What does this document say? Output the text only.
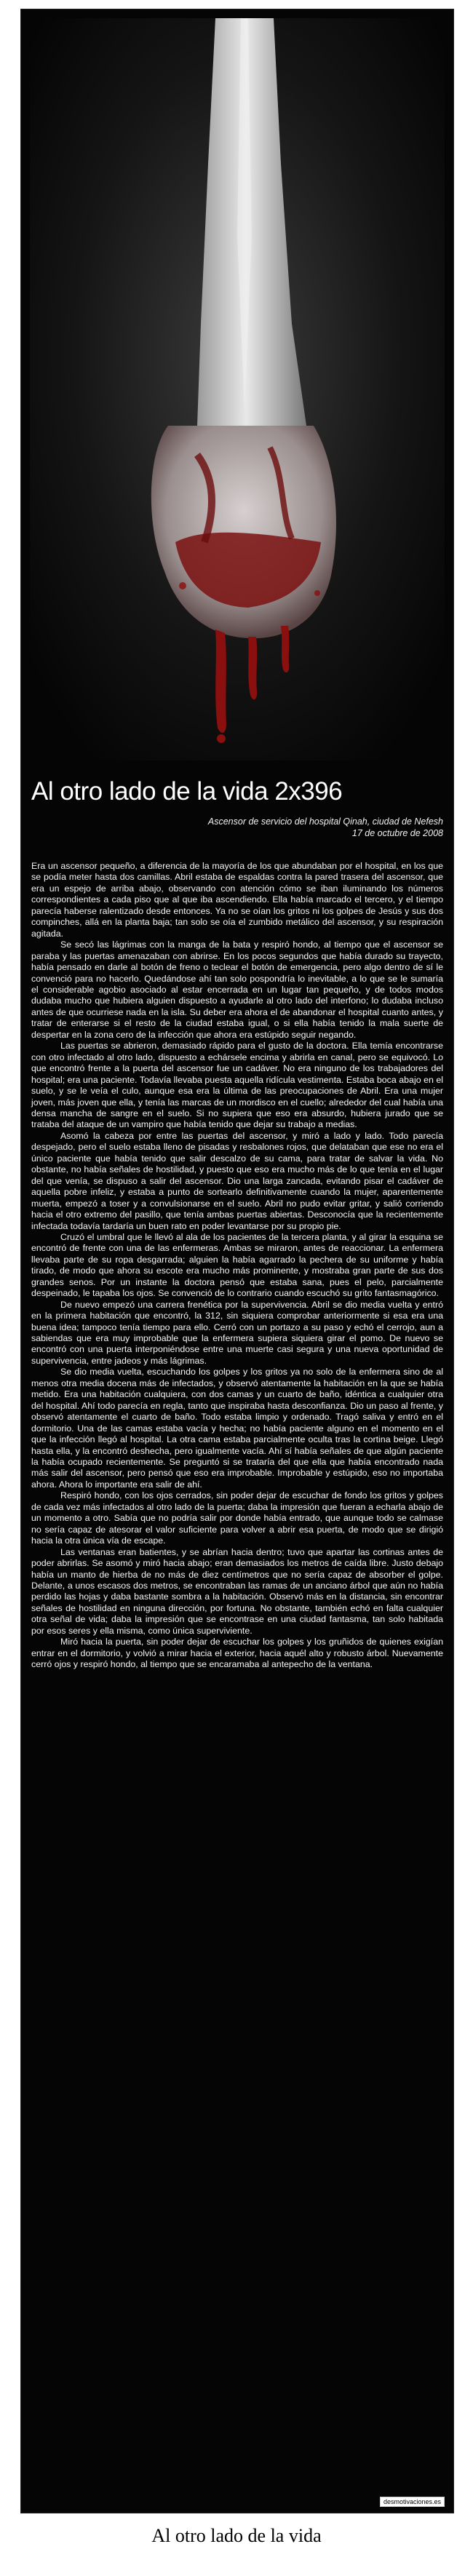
Al otro lado de la vida 2x396
Ascensor de servicio del hospital Qinah, ciudad de Nefesh
17 de octubre de 2008

Era un ascensor pequeño, a diferencia de la mayoría de los que abundaban por el hospital, en los que se podía meter hasta dos camillas. Abril estaba de espaldas contra la pared trasera del ascensor, que era un espejo de arriba abajo, observando con atención cómo se iban iluminando los números correspondientes a cada piso que al que iba ascendiendo. Ella había marcado el tercero, y el tiempo parecía haberse ralentizado desde entonces. Ya no se oían los gritos ni los golpes de Jesús y sus dos compinches, allá en la planta baja; tan solo se oía el zumbido metálico del ascensor, y su respiración agitada.

Se secó las lágrimas con la manga de la bata y respiró hondo, al tiempo que el ascensor se paraba y las puertas amenazaban con abrirse. En los pocos segundos que había durado su trayecto, había pensado en darle al botón de freno o teclear el botón de emergencia, pero algo dentro de sí le convenció para no hacerlo. Quedándose ahí tan solo pospondría lo inevitable, a lo que se le sumaría el considerable agobio asociado al estar encerrada en un lugar tan pequeño, y de todos modos dudaba mucho que hubiera alguien dispuesto a ayudarle al otro lado del interfono; lo dudaba incluso antes de que ocurriese nada en la isla. Su deber era ahora el de abandonar el hospital cuanto antes, y tratar de enterarse si el resto de la ciudad estaba igual, o si ella había tenido la mala suerte de despertar en la zona cero de la infección que ahora era estúpido seguir negando.

Las puertas se abrieron, demasiado rápido para el gusto de la doctora. Ella temía encontrarse con otro infectado al otro lado, dispuesto a echársele encima y abrirla en canal, pero se equivocó. Lo que encontró frente a la puerta del ascensor fue un cadáver. No era ninguno de los trabajadores del hospital; era una paciente. Todavía llevaba puesta aquella ridícula vestimenta. Estaba boca abajo en el suelo, y se le veía el culo, aunque esa era la última de las preocupaciones de Abril. Era una mujer joven, más joven que ella, y tenía las marcas de un mordisco en el cuello; alrededor del cual había una densa mancha de sangre en el suelo. Si no supiera que eso era absurdo, hubiera jurado que se trataba del ataque de un vampiro que había tenido que dejar su trabajo a medias.

Asomó la cabeza por entre las puertas del ascensor, y miró a lado y lado. Todo parecía despejado, pero el suelo estaba lleno de pisadas y resbalones rojos, que delataban que ese no era el único paciente que había tenido que salir descalzo de su cama, para tratar de salvar la vida. No obstante, no había señales de hostilidad, y puesto que eso era mucho más de lo que tenía en el lugar del que venía, se dispuso a salir del ascensor. Dio una larga zancada, evitando pisar el cadáver de aquella pobre infeliz, y estaba a punto de sortearlo definitivamente cuando la mujer, aparentemente muerta, empezó a toser y a convulsionarse en el suelo. Abril no pudo evitar gritar, y salió corriendo hacia el otro extremo del pasillo, que tenía ambas puertas abiertas. Desconocía que la recientemente infectada todavía tardaría un buen rato en poder levantarse por su propio pie.

Cruzó el umbral que le llevó al ala de los pacientes de la tercera planta, y al girar la esquina se encontró de frente con una de las enfermeras. Ambas se miraron, antes de reaccionar. La enfermera llevaba parte de su ropa desgarrada; alguien la había agarrado la pechera de su uniforme y había tirado, de modo que ahora su escote era mucho más prominente, y mostraba gran parte de sus dos grandes senos. Por un instante la doctora pensó que estaba sana, pues el pelo, parcialmente despeinado, le tapaba los ojos. Se convenció de lo contrario cuando escuchó su grito fantasmagórico.

De nuevo empezó una carrera frenética por la supervivencia. Abril se dio media vuelta y entró en la primera habitación que encontró, la 312, sin siquiera comprobar anteriormente si esa era una buena idea; tampoco tenía tiempo para ello. Cerró con un portazo a su paso y echó el cerrojo, aun a sabiendas que era muy improbable que la enfermera supiera siquiera girar el pomo. De nuevo se encontró con una puerta interponiéndose entre una muerte casi segura y una nueva oportunidad de supervivencia, entre jadeos y más lágrimas.

Se dio media vuelta, escuchando los golpes y los gritos ya no solo de la enfermera sino de al menos otra media docena más de infectados, y observó atentamente la habitación en la que se había metido. Era una habitación cualquiera, con dos camas y un cuarto de baño, idéntica a cualquier otra del hospital. Ahí todo parecía en regla, tanto que inspiraba hasta desconfianza. Dio un paso al frente, y observó atentamente el cuarto de baño. Todo estaba limpio y ordenado. Tragó saliva y entró en el dormitorio. Una de las camas estaba vacía y hecha; no había paciente alguno en el momento en el que la infección llegó al hospital. La otra cama estaba parcialmente oculta tras la cortina beige. Llegó hasta ella, y la encontró deshecha, pero igualmente vacía. Ahí sí había señales de que algún paciente la había ocupado recientemente. Se preguntó si se trataría del que ella que había encontrado nada más salir del ascensor, pero pensó que eso era improbable. Improbable y estúpido, eso no importaba ahora. Ahora lo importante era salir de ahí.

Respiró hondo, con los ojos cerrados, sin poder dejar de escuchar de fondo los gritos y golpes de cada vez más infectados al otro lado de la puerta; daba la impresión que fueran a echarla abajo de un momento a otro. Sabía que no podría salir por donde había entrado, que aunque todo se calmase no sería capaz de atesorar el valor suficiente para volver a abrir esa puerta, de modo que se dirigió hacia la otra única vía de escape.

Las ventanas eran batientes, y se abrían hacia dentro; tuvo que apartar las cortinas antes de poder abrirlas. Se asomó y miró hacia abajo; eran demasiados los metros de caída libre. Justo debajo había un manto de hierba de no más de diez centímetros que no sería capaz de absorber el golpe. Delante, a unos escasos dos metros, se encontraban las ramas de un anciano árbol que aún no había perdido las hojas y daba bastante sombra a la habitación. Observó más en la distancia, sin encontrar señales de hostilidad en ninguna dirección, por fortuna. No obstante, también echó en falta cualquier otra señal de vida; daba la impresión que se encontrase en una ciudad fantasma, tan solo habitada por esos seres y ella misma, como única superviviente.

Miró hacia la puerta, sin poder dejar de escuchar los golpes y los gruñidos de quienes exigían entrar en el dormitorio, y volvió a mirar hacia el exterior, hacia aquél alto y robusto árbol. Nuevamente cerró ojos y respiró hondo, al tiempo que se encaramaba al antepecho de la ventana.

desmotivaciones.es
Al otro lado de la vida
